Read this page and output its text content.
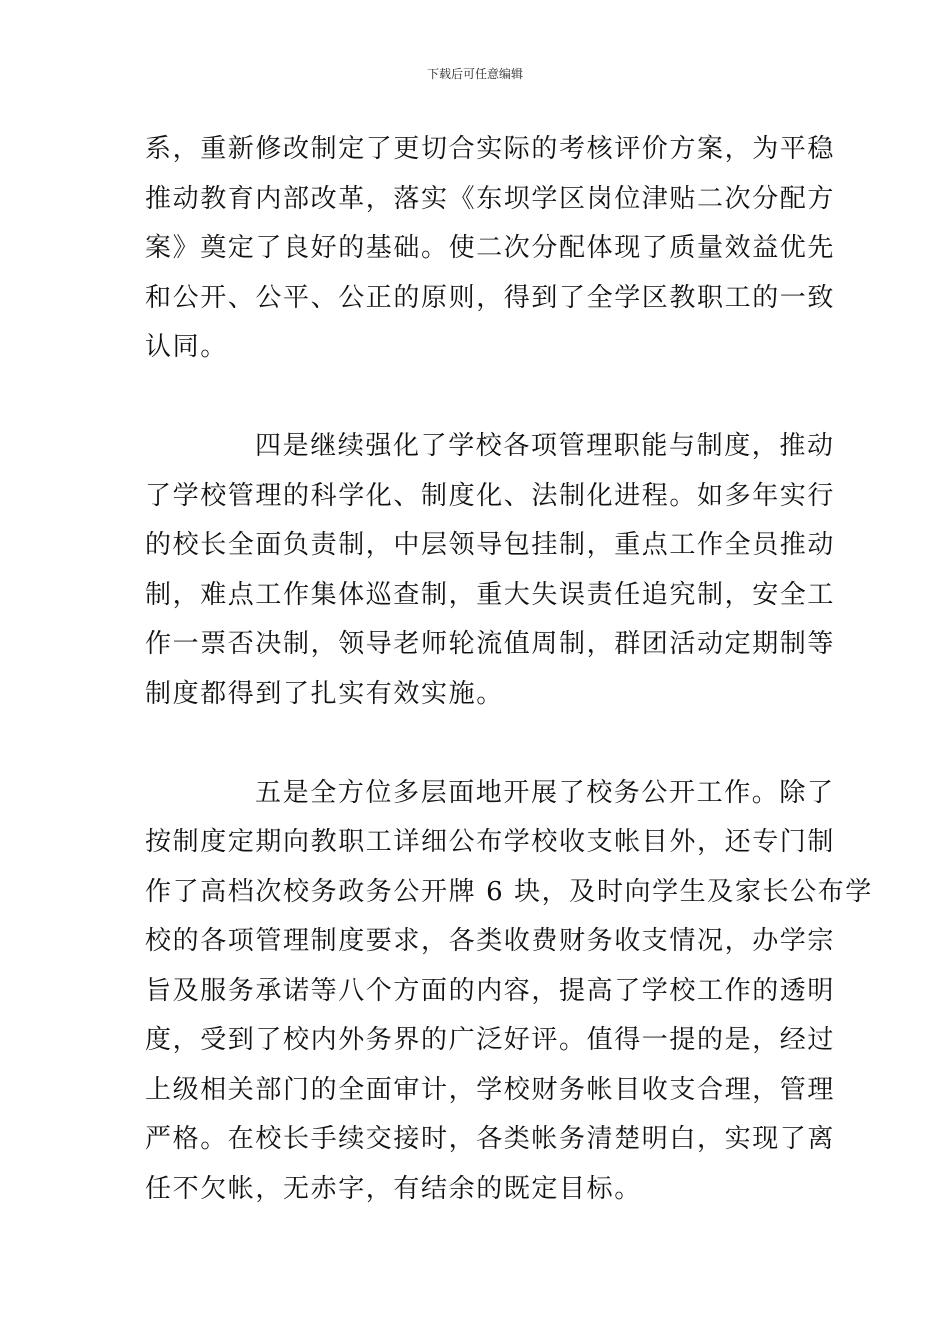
下载后可任意编辑
系，重新修改制定了更切合实际的考核评价方案，为平稳
推动教育内部改革，落实《东坝学区岗位津贴二次分配方
案》奠定了良好的基础。使二次分配体现了质量效益优先
和公开、公平、公正的原则，得到了全学区教职工的一致
认同。
四是继续强化了学校各项管理职能与制度，推动
了学校管理的科学化、制度化、法制化进程。如多年实行
的校长全面负责制，中层领导包挂制，重点工作全员推动
制，难点工作集体巡查制，重大失误责任追究制，安全工
作一票否决制，领导老师轮流值周制，群团活动定期制等
制度都得到了扎实有效实施。
五是全方位多层面地开展了校务公开工作。除了
按制度定期向教职工详细公布学校收支帐目外，还专门制
作了高档次校务政务公开牌 6 块，及时向学生及家长公布学
校的各项管理制度要求，各类收费财务收支情况，办学宗
旨及服务承诺等八个方面的内容，提高了学校工作的透明
度，受到了校内外务界的广泛好评。值得一提的是，经过
上级相关部门的全面审计，学校财务帐目收支合理，管理
严格。在校长手续交接时，各类帐务清楚明白，实现了离
任不欠帐，无赤字，有结余的既定目标。
